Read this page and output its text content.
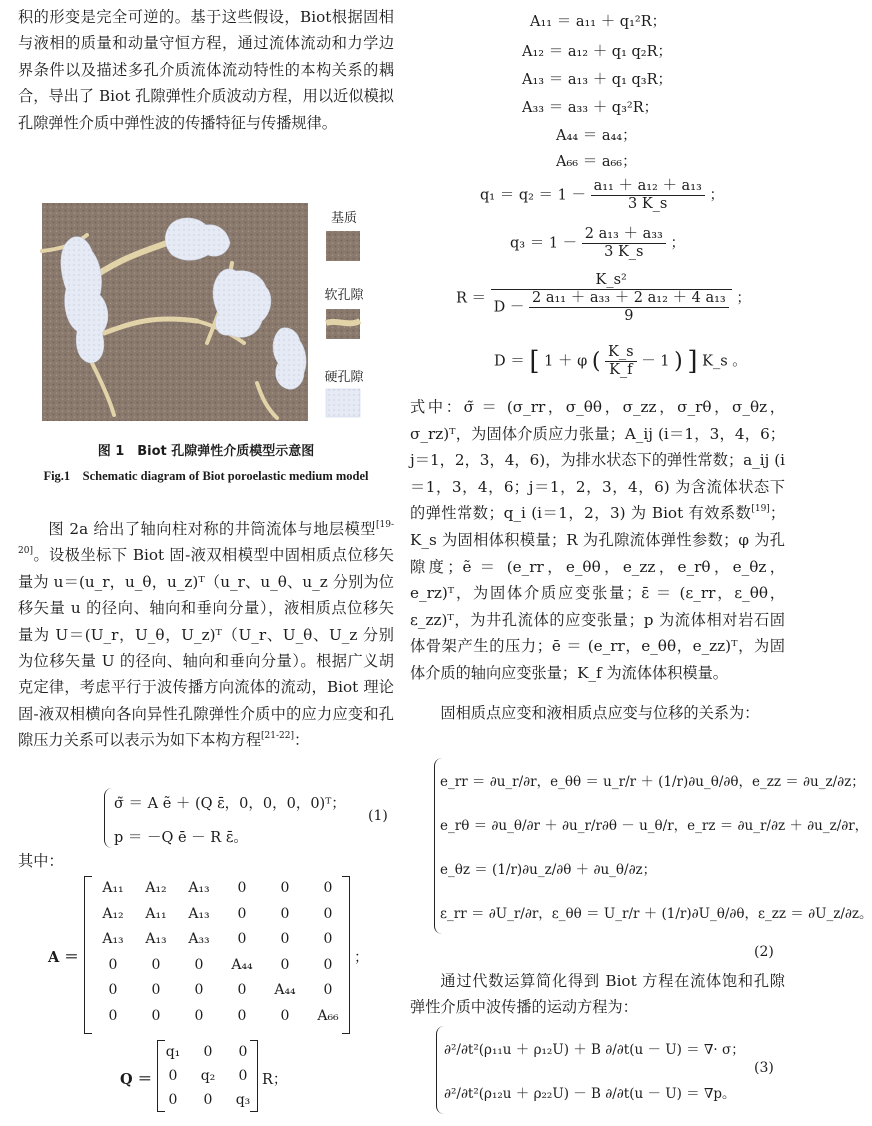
积的形变是完全可逆的。基于这些假设，Biot根据固相与液相的质量和动量守恒方程，通过流体流动和力学边界条件以及描述多孔介质流体流动特性的本构关系的耦合，导出了 Biot 孔隙弹性介质波动方程，用以近似模拟孔隙弹性介质中弹性波的传播特征与传播规律。

基质
软孔隙
硬孔隙
图 1　Biot 孔隙弹性介质模型示意图
Fig.1　Schematic diagram of Biot poroelastic medium model

图 2a 给出了轴向柱对称的井筒流体与地层模型[19-20]。设极坐标下 Biot 固-液双相模型中固相质点位移矢量为 u＝(u_r，u_θ，u_z)ᵀ（u_r、u_θ、u_z 分别为位移矢量 u 的径向、轴向和垂向分量），液相质点位移矢量为 U＝(U_r，U_θ，U_z)ᵀ（U_r、U_θ、U_z 分别为位移矢量 U 的径向、轴向和垂向分量）。根据广义胡克定律，考虑平行于波传播方向流体的流动，Biot 理论固-液双相横向各向异性孔隙弹性介质中的应力应变和孔隙压力关系可以表示为如下本构方程[21-22]：

σ̃ ＝ A ẽ ＋ (Q ε̄，0，0，0，0)ᵀ；
p ＝ －Q ē － R ε̄。
(1)
其中：
A ＝
A₁₁	A₁₂	A₁₃	0	0	0
A₁₂	A₁₁	A₁₃	0	0	0
A₁₃	A₁₃	A₃₃	0	0	0
0	0	0	A₄₄	0	0
0	0	0	0	A₄₄	0
0	0	0	0	0	A₆₆
；
Q ＝
q₁	0	0
0	q₂	0
0	0	q₃
R；
A₁₁ ＝ a₁₁ ＋ q₁²R；
A₁₂ ＝ a₁₂ ＋ q₁ q₂R；
A₁₃ ＝ a₁₃ ＋ q₁ q₃R；
A₃₃ ＝ a₃₃ ＋ q₃²R；
A₄₄ ＝ a₄₄；
A₆₆ ＝ a₆₆；
$q_1 = q_2 = 1 - \frac{\text{a₁₁ ＋ a₁₂ ＋ a₁₃}}{3 K\_s}$ ；
$q_3 = 1 - \frac{\text{2 a₁₃ ＋ a₃₃}}{3 K\_s}$ ；
$R = \frac{\text{K\_s²}}{D - \frac{\text{2 a₁₁ ＋ a₃₃ ＋ 2 a₁₂ ＋ 4 a₁₃}}{9}}$ ；
D ＝ [ 1 ＋ φ ( $\frac{K\_s}{K\_f} - 1$ ) ] K_s 。

式中：σ̃ ＝ (σ_rr，σ_θθ，σ_zz，σ_rθ，σ_θz，σ_rz)ᵀ，为固体介质应力张量；A_ij (i＝1，3，4，6；j＝1，2，3，4，6)，为排水状态下的弹性常数；a_ij (i＝1，3，4，6；j＝1，2，3，4，6) 为含流体状态下的弹性常数；q_i (i＝1，2，3) 为 Biot 有效系数[19]；K_s 为固相体积模量；R 为孔隙流体弹性参数；φ 为孔隙度；ẽ ＝ (e_rr，e_θθ，e_zz，e_rθ，e_θz，e_rz)ᵀ，为固体介质应变张量；ε̄ ＝ (ε_rr，ε_θθ，ε_zz)ᵀ，为井孔流体的应变张量；p 为流体相对岩石固体骨架产生的压力；ē ＝ (e_rr，e_θθ，e_zz)ᵀ，为固体介质的轴向应变张量；K_f 为流体体积模量。

固相质点应变和液相质点应变与位移的关系为：

e_rr ＝ ∂u_r/∂r，e_θθ ＝ u_r/r ＋ (1/r)∂u_θ/∂θ，e_zz ＝ ∂u_z/∂z；
e_rθ ＝ ∂u_θ/∂r ＋ ∂u_r/r∂θ － u_θ/r，e_rz ＝ ∂u_r/∂z ＋ ∂u_z/∂r，
e_θz ＝ (1/r)∂u_z/∂θ ＋ ∂u_θ/∂z；
ε_rr ＝ ∂U_r/∂r，ε_θθ ＝ U_r/r ＋ (1/r)∂U_θ/∂θ，ε_zz ＝ ∂U_z/∂z。
(2)

通过代数运算简化得到 Biot 方程在流体饱和孔隙弹性介质中波传播的运动方程为：

∂²/∂t²(ρ₁₁u ＋ ρ₁₂U) ＋ B ∂/∂t(u － U) ＝ ∇· σ；
∂²/∂t²(ρ₁₂u ＋ ρ₂₂U) － B ∂/∂t(u － U) ＝ ∇p。
(3)
